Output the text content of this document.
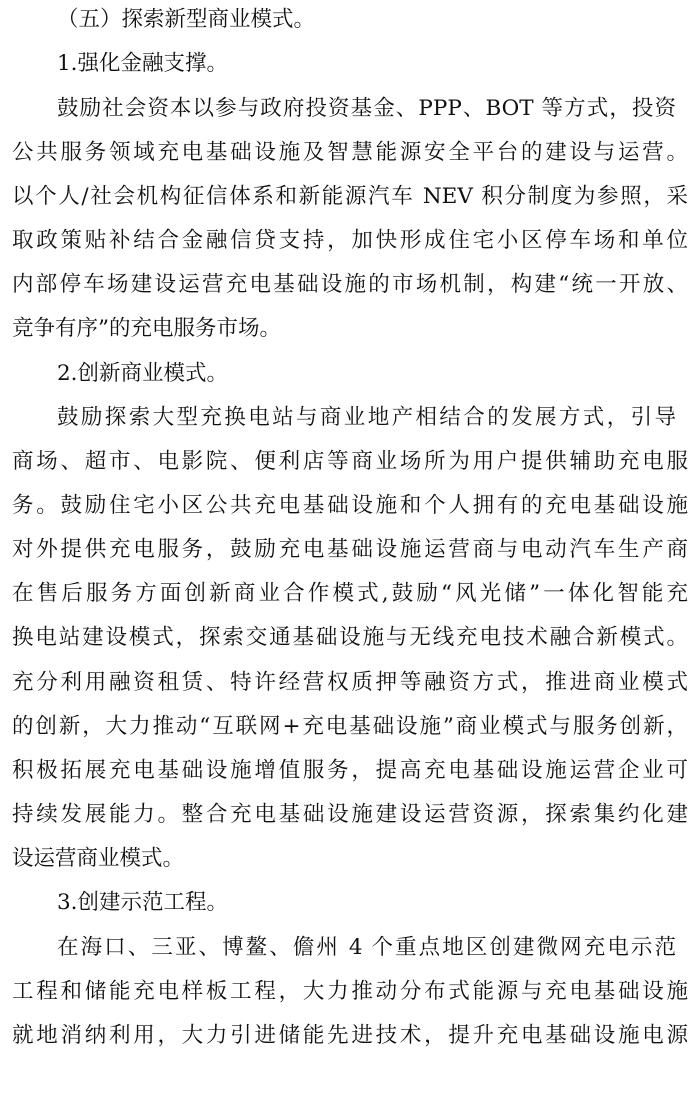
（五）探索新型商业模式。
1.强化金融支撑。
鼓励社会资本以参与政府投资基金、PPP、BOT 等方式，投资
公共服务领域充电基础设施及智慧能源安全平台的建设与运营。
以个人/社会机构征信体系和新能源汽车 NEV 积分制度为参照，采
取政策贴补结合金融信贷支持，加快形成住宅小区停车场和单位
内部停车场建设运营充电基础设施的市场机制，构建“统一开放、
竞争有序”的充电服务市场。
2.创新商业模式。
鼓励探索大型充换电站与商业地产相结合的发展方式，引导
商场、超市、电影院、便利店等商业场所为用户提供辅助充电服
务。鼓励住宅小区公共充电基础设施和个人拥有的充电基础设施
对外提供充电服务，鼓励充电基础设施运营商与电动汽车生产商
在售后服务方面创新商业合作模式,鼓励“风光储”一体化智能充
换电站建设模式，探索交通基础设施与无线充电技术融合新模式。
充分利用融资租赁、特许经营权质押等融资方式，推进商业模式
的创新，大力推动“互联网+充电基础设施”商业模式与服务创新，
积极拓展充电基础设施增值服务，提高充电基础设施运营企业可
持续发展能力。整合充电基础设施建设运营资源，探索集约化建
设运营商业模式。
3.创建示范工程。
在海口、三亚、博鳌、儋州 4 个重点地区创建微网充电示范
工程和储能充电样板工程，大力推动分布式能源与充电基础设施
就地消纳利用，大力引进储能先进技术，提升充电基础设施电源
